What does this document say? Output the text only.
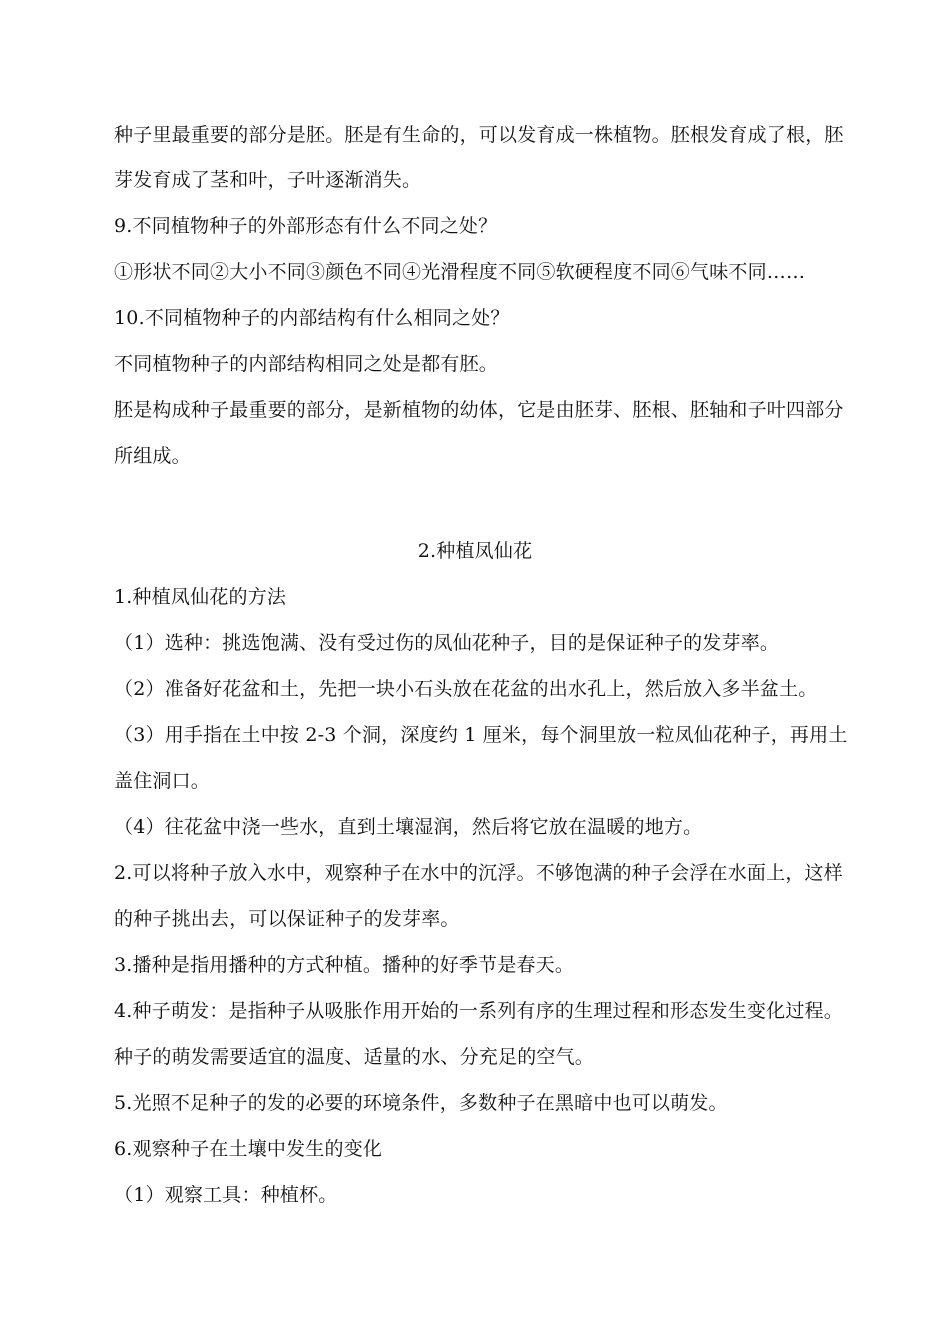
种子里最重要的部分是胚。胚是有生命的，可以发育成一株植物。胚根发育成了根，胚
芽发育成了茎和叶，子叶逐渐消失。
9.不同植物种子的外部形态有什么不同之处？
①形状不同②大小不同③颜色不同④光滑程度不同⑤软硬程度不同⑥气味不同……
10.不同植物种子的内部结构有什么相同之处？
不同植物种子的内部结构相同之处是都有胚。
胚是构成种子最重要的部分，是新植物的幼体，它是由胚芽、胚根、胚轴和子叶四部分
所组成。
2.种植凤仙花
1.种植凤仙花的方法
（1）选种：挑选饱满、没有受过伤的凤仙花种子，目的是保证种子的发芽率。
（2）准备好花盆和土，先把一块小石头放在花盆的出水孔上，然后放入多半盆土。
（3）用手指在土中按 2-3 个洞，深度约 1 厘米，每个洞里放一粒凤仙花种子，再用土
盖住洞口。
（4）往花盆中浇一些水，直到土壤湿润，然后将它放在温暖的地方。
2.可以将种子放入水中，观察种子在水中的沉浮。不够饱满的种子会浮在水面上，这样
的种子挑出去，可以保证种子的发芽率。
3.播种是指用播种的方式种植。播种的好季节是春天。
4.种子萌发：是指种子从吸胀作用开始的一系列有序的生理过程和形态发生变化过程。
种子的萌发需要适宜的温度、适量的水、分充足的空气。
5.光照不足种子的发的必要的环境条件，多数种子在黑暗中也可以萌发。
6.观察种子在土壤中发生的变化
（1）观察工具：种植杯。
